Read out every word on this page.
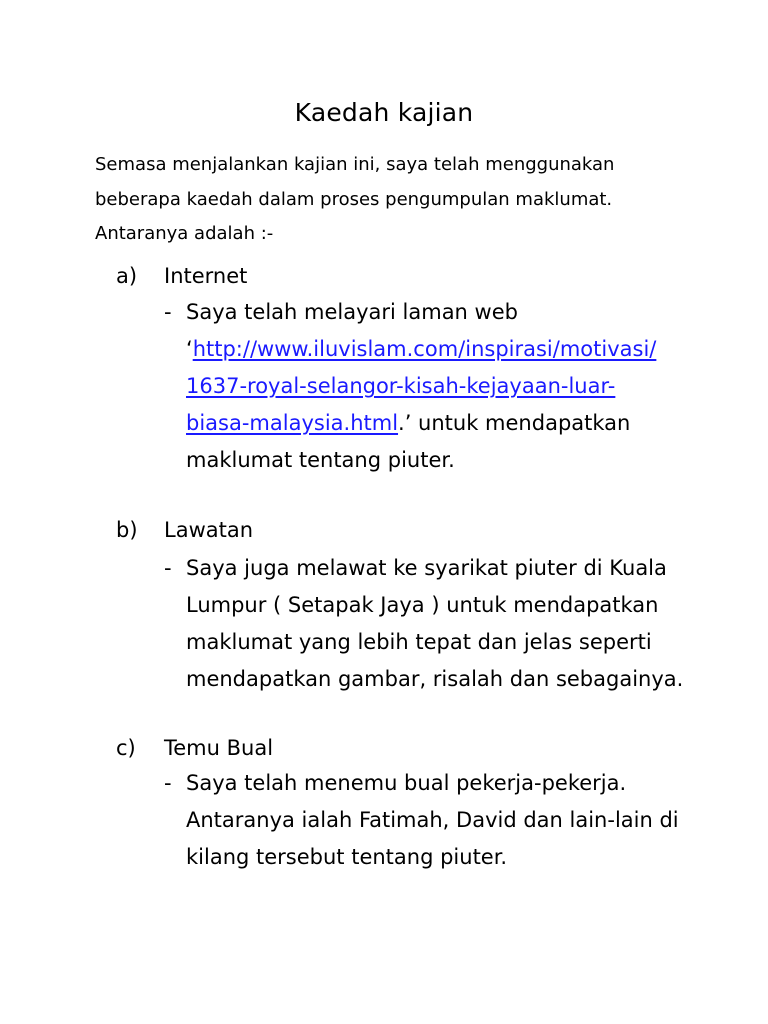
Kaedah kajian
Semasa menjalankan kajian ini, saya telah menggunakan
beberapa kaedah dalam proses pengumpulan maklumat.
Antaranya adalah :-
a) Internet
- Saya telah melayari laman web
‘http://www.iluvislam.com/inspirasi/motivasi/
1637-royal-selangor-kisah-kejayaan-luar-
biasa-malaysia.html.’ untuk mendapatkan
maklumat tentang piuter.
b) Lawatan
- Saya juga melawat ke syarikat piuter di Kuala
Lumpur ( Setapak Jaya ) untuk mendapatkan
maklumat yang lebih tepat dan jelas seperti
mendapatkan gambar, risalah dan sebagainya.
c) Temu Bual
- Saya telah menemu bual pekerja-pekerja.
Antaranya ialah Fatimah, David dan lain-lain di
kilang tersebut tentang piuter.
